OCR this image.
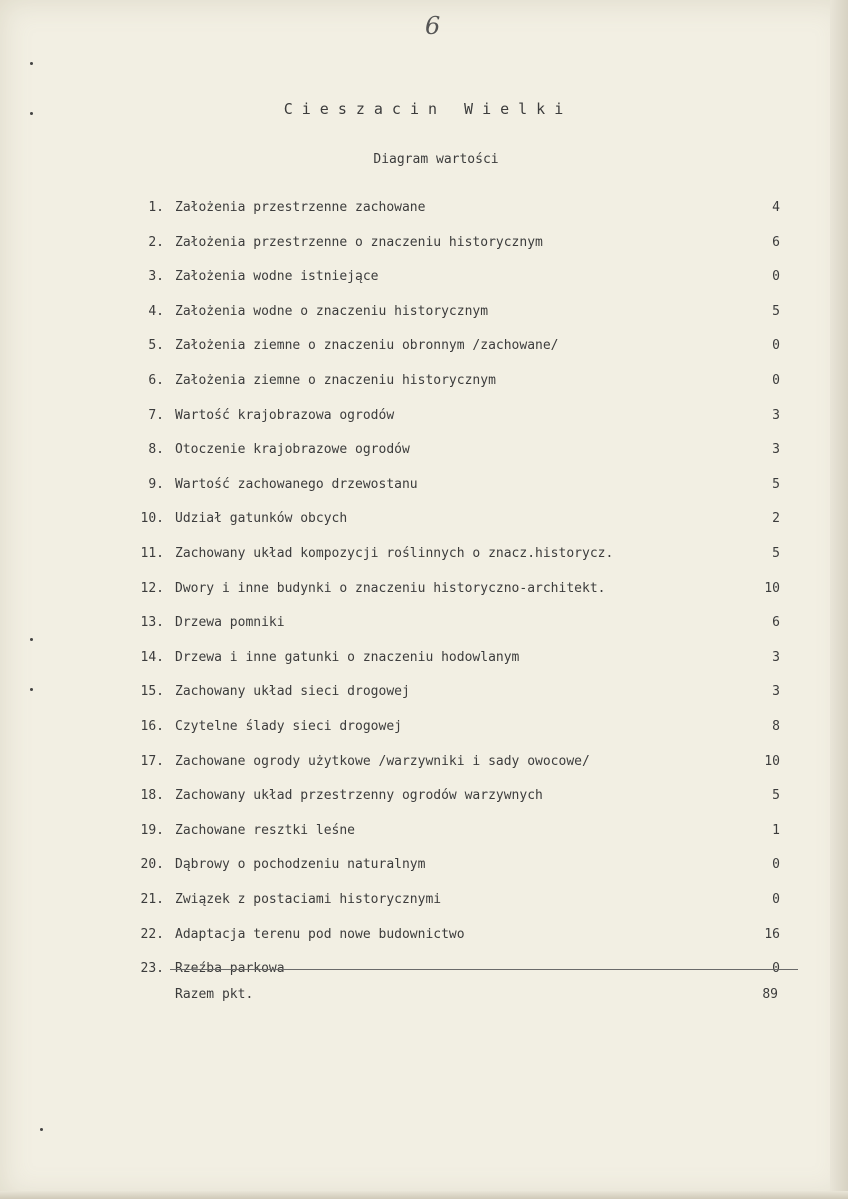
6
Cieszacin Wielki
Diagram wartości
1. Założenia przestrzenne zachowane	4
2. Założenia przestrzenne o znaczeniu historycznym	6
3. Założenia wodne istniejące	0
4. Założenia wodne o znaczeniu historycznym	5
5. Założenia ziemne o znaczeniu obronnym /zachowane/	0
6. Założenia ziemne o znaczeniu historycznym	0
7. Wartość krajobrazowa ogrodów	3
8. Otoczenie krajobrazowe ogrodów	3
9. Wartość zachowanego drzewostanu	5
10. Udział gatunków obcych	2
11. Zachowany układ kompozycji roślinnych o znacz.historycz.	5
12. Dwory i inne budynki o znaczeniu historyczno-architekt.	10
13. Drzewa pomniki	6
14. Drzewa i inne gatunki o znaczeniu hodowlanym	3
15. Zachowany układ sieci drogowej	3
16. Czytelne ślady sieci drogowej	8
17. Zachowane ogrody użytkowe /warzywniki i sady owocowe/	10
18. Zachowany układ przestrzenny ogrodów warzywnych	5
19. Zachowane resztki leśne	1
20. Dąbrowy o pochodzeniu naturalnym	0
21. Związek z postaciami historycznymi	0
22. Adaptacja terenu pod nowe budownictwo	16
23. Rzeźba parkowa	0
Razem pkt.	89
